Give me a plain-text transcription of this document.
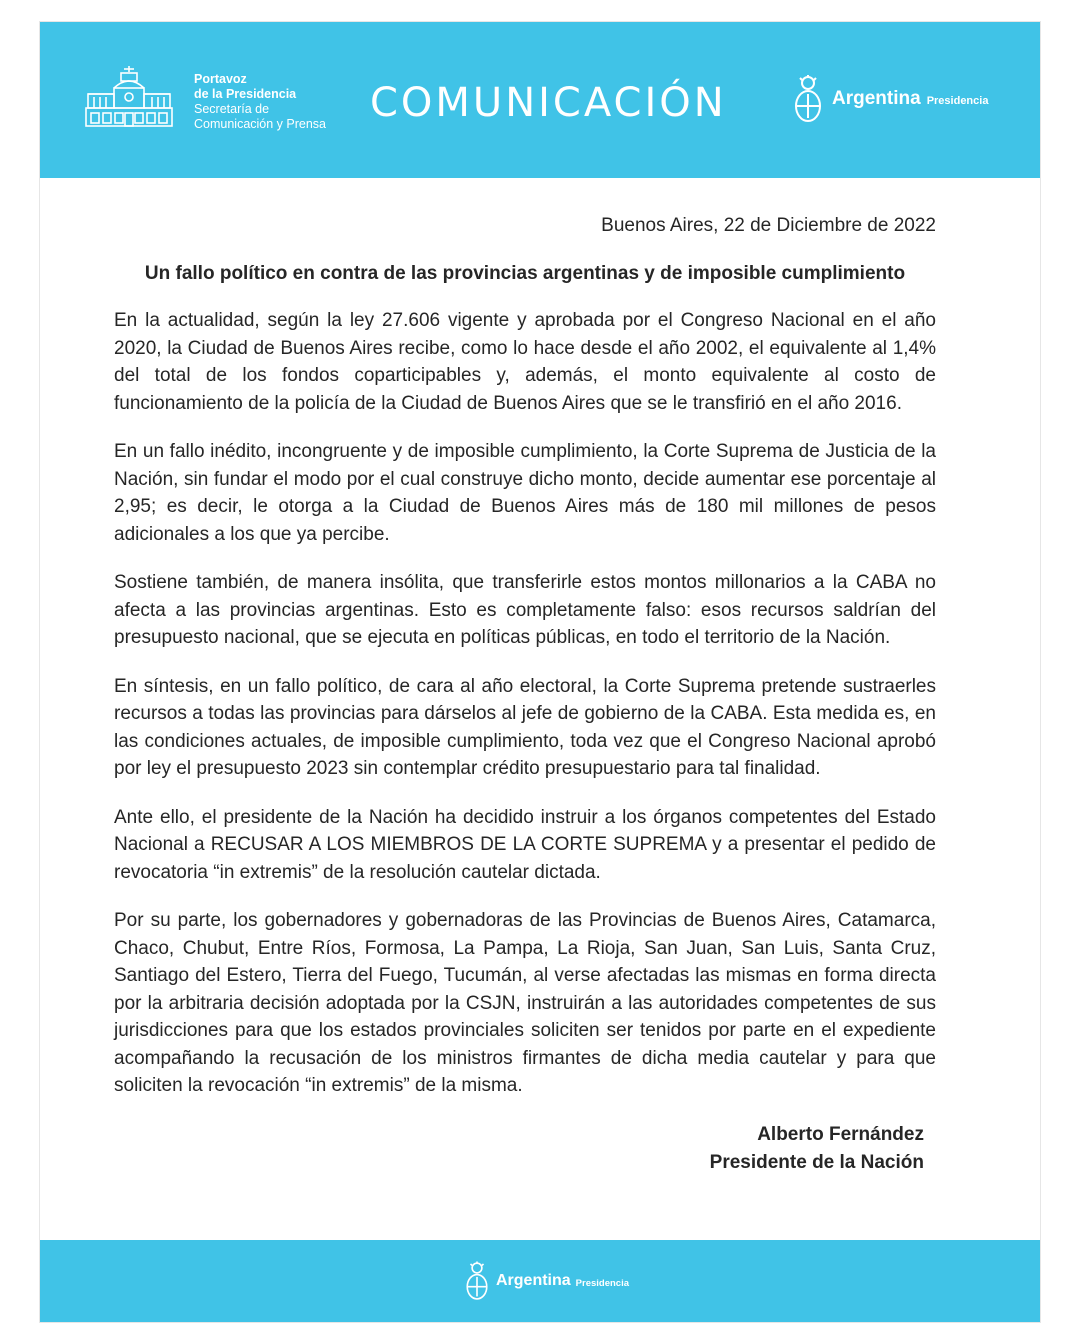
Portavoz
de la Presidencia
Secretaría de
Comunicación y Prensa COMUNICACIÓN	Argentina Presidencia

Buenos Aires, 22 de Diciembre de 2022

Un fallo político en contra de las provincias argentinas y de imposible cumplimiento

En la actualidad, según la ley 27.606 vigente y aprobada por el Congreso Nacional en el año 2020, la Ciudad de Buenos Aires recibe, como lo hace desde el año 2002, el equivalente al 1,4% del total de los fondos coparticipables y, además, el monto equivalente al costo de funcionamiento de la policía de la Ciudad de Buenos Aires que se le transfirió en el año 2016.

En un fallo inédito, incongruente y de imposible cumplimiento, la Corte Suprema de Justicia de la Nación, sin fundar el modo por el cual construye dicho monto, decide aumentar ese porcentaje al 2,95; es decir, le otorga a la Ciudad de Buenos Aires más de 180 mil millones de pesos adicionales a los que ya percibe.

Sostiene también, de manera insólita, que transferirle estos montos millonarios a la CABA no afecta a las provincias argentinas. Esto es completamente falso: esos recursos saldrían del presupuesto nacional, que se ejecuta en políticas públicas, en todo el territorio de la Nación.

En síntesis, en un fallo político, de cara al año electoral, la Corte Suprema pretende sustraerles recursos a todas las provincias para dárselos al jefe de gobierno de la CABA. Esta medida es, en las condiciones actuales, de imposible cumplimiento, toda vez que el Congreso Nacional aprobó por ley el presupuesto 2023 sin contemplar crédito presupuestario para tal finalidad.

Ante ello, el presidente de la Nación ha decidido instruir a los órganos competentes del Estado Nacional a RECUSAR A LOS MIEMBROS DE LA CORTE SUPREMA y a presentar el pedido de revocatoria “in extremis” de la resolución cautelar dictada.

Por su parte, los gobernadores y gobernadoras de las Provincias de Buenos Aires, Catamarca, Chaco, Chubut, Entre Ríos, Formosa, La Pampa, La Rioja, San Juan, San Luis, Santa Cruz, Santiago del Estero, Tierra del Fuego, Tucumán, al verse afectadas las mismas en forma directa por la arbitraria decisión adoptada por la CSJN, instruirán a las autoridades competentes de sus jurisdicciones para que los estados provinciales soliciten ser tenidos por parte en el expediente acompañando la recusación de los ministros firmantes de dicha media cautelar y para que soliciten la revocación “in extremis” de la misma.

Alberto Fernández
Presidente de la Nación
Argentina Presidencia
